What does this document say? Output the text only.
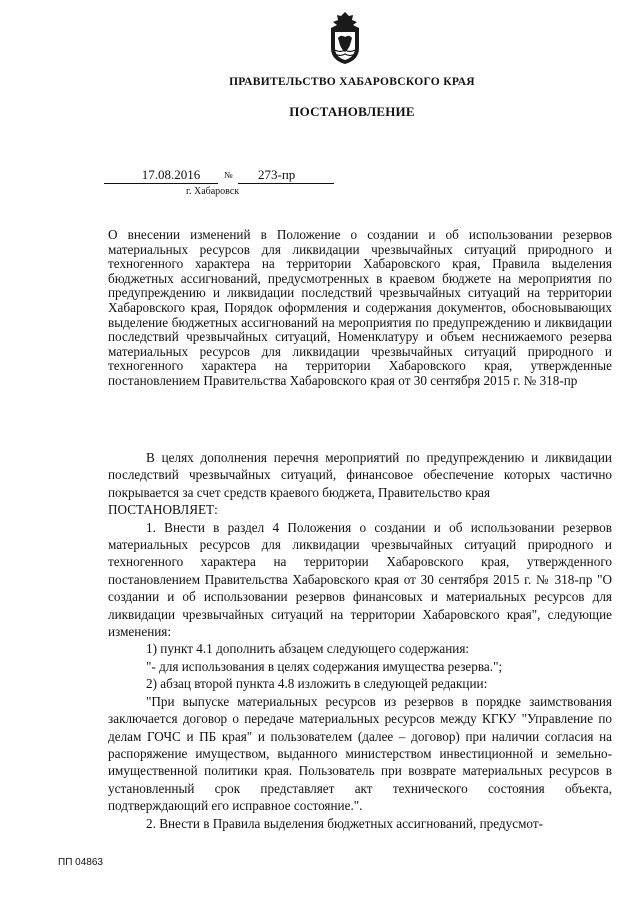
ПРАВИТЕЛЬСТВО ХАБАРОВСКОГО КРАЯ
ПОСТАНОВЛЕНИЕ
17.08.2016	№	273-пр
г. Хабаровск
О внесении изменений в Положение о создании и об использовании резервов материальных ресурсов для ликвидации чрезвычайных ситуаций природного и техногенного характера на территории Хабаровского края, Правила выделения бюджетных ассигнований, предусмотренных в краевом бюджете на мероприятия по предупреждению и ликвидации последствий чрезвычайных ситуаций на территории Хабаровского края, Порядок оформления и содержания документов, обосновывающих выделение бюджетных ассигнований на мероприятия по предупреждению и ликвидации последствий чрезвычайных ситуаций, Номенклатуру и объем неснижаемого резерва материальных ресурсов для ликвидации чрезвычайных ситуаций природного и техногенного характера на территории Хабаровского края, утвержденные постановлением Правительства Хабаровского края от 30 сентября 2015 г. № 318-пр

В целях дополнения перечня мероприятий по предупреждению и ликвидации последствий чрезвычайных ситуаций, финансовое обеспечение которых частично покрывается за счет средств краевого бюджета, Правительство края

ПОСТАНОВЛЯЕТ:

1. Внести в раздел 4 Положения о создании и об использовании резервов материальных ресурсов для ликвидации чрезвычайных ситуаций природного и техногенного характера на территории Хабаровского края, утвержденного постановлением Правительства Хабаровского края от 30 сентября 2015 г. № 318-пр "О создании и об использовании резервов финансовых и материальных ресурсов для ликвидации чрезвычайных ситуаций на территории Хабаровского края", следующие изменения:

1) пункт 4.1 дополнить абзацем следующего содержания:

"- для использования в целях содержания имущества резерва.";

2) абзац второй пункта 4.8 изложить в следующей редакции:

"При выпуске материальных ресурсов из резервов в порядке заимствования заключается договор о передаче материальных ресурсов между КГКУ "Управление по делам ГОЧС и ПБ края" и пользователем (далее – договор) при наличии согласия на распоряжение имуществом, выданного министерством инвестиционной и земельно-имущественной политики края. Пользователь при возврате материальных ресурсов в установленный срок представляет акт технического состояния объекта, подтверждающий его исправное состояние.".

2. Внести в Правила выделения бюджетных ассигнований, предусмот-

ПП 04863
